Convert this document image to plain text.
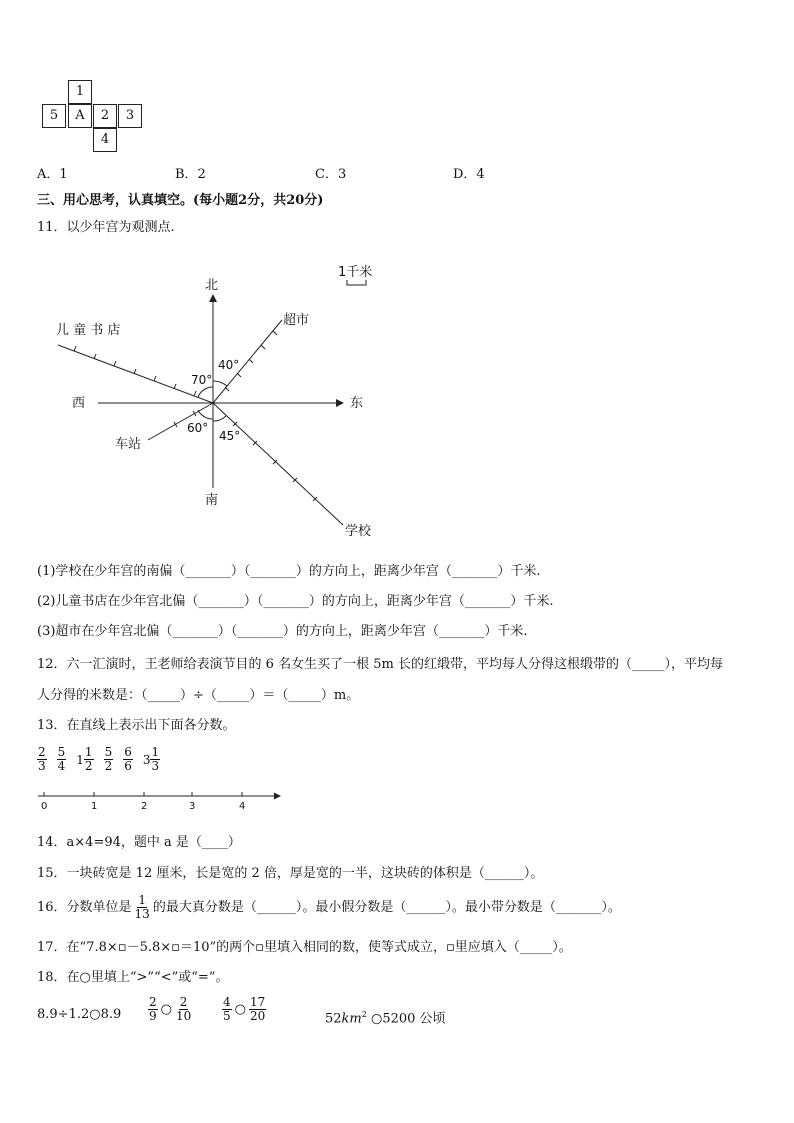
1
5	A	2	3
4
A．1	B．2	C．3	D．4
三、用心思考，认真填空。(每小题2分，共20分)
11．以少年宫为观测点.
北
南
东
西
1千米
超市
儿 童 书 店
车站
学校
40°
70°
60°
45°
(1)学校在少年宫的南偏（_______）（_______）的方向上，距离少年宫（_______）千米.
(2)儿童书店在少年宫北偏（_______）（_______）的方向上，距离少年宫（_______）千米.
(3)超市在少年宫北偏（_______）（_______）的方向上，距离少年宫（_______）千米.
12．六一汇演时，王老师给表演节目的 6 名女生买了一根 5m 长的红缎带，平均每人分得这根缎带的（_____），平均每
人分得的米数是：（_____）÷（_____）＝（_____）m。
13．在直线上表示出下面各分数。
$\frac{2}{3} \frac{5}{4} 1 \frac{1}{2} \frac{5}{2} \frac{6}{6} 3 \frac{1}{3}$
0	1	2	3	4
14．a×4=94，题中 a 是（____）
15．一块砖宽是 12 厘米，长是宽的 2 倍，厚是宽的一半，这块砖的体积是（______）。
16．分数单位是 $\frac{1}{13}$ 的最大真分数是（______）。最小假分数是（______）。最小带分数是（_______）。
17．在“7.8×▫－5.8×▫＝10”的两个▫里填入相同的数，使等式成立，▫里应填入（_____）。
18．在○里填上“>”“<”或“=”。
8.9÷1.2○8.9 $\frac{2}{9}$ ○ $\frac{2}{10} \frac{4}{5}$ ○ $\frac{17}{20}$	$52km^2$ ○5200 公顷
